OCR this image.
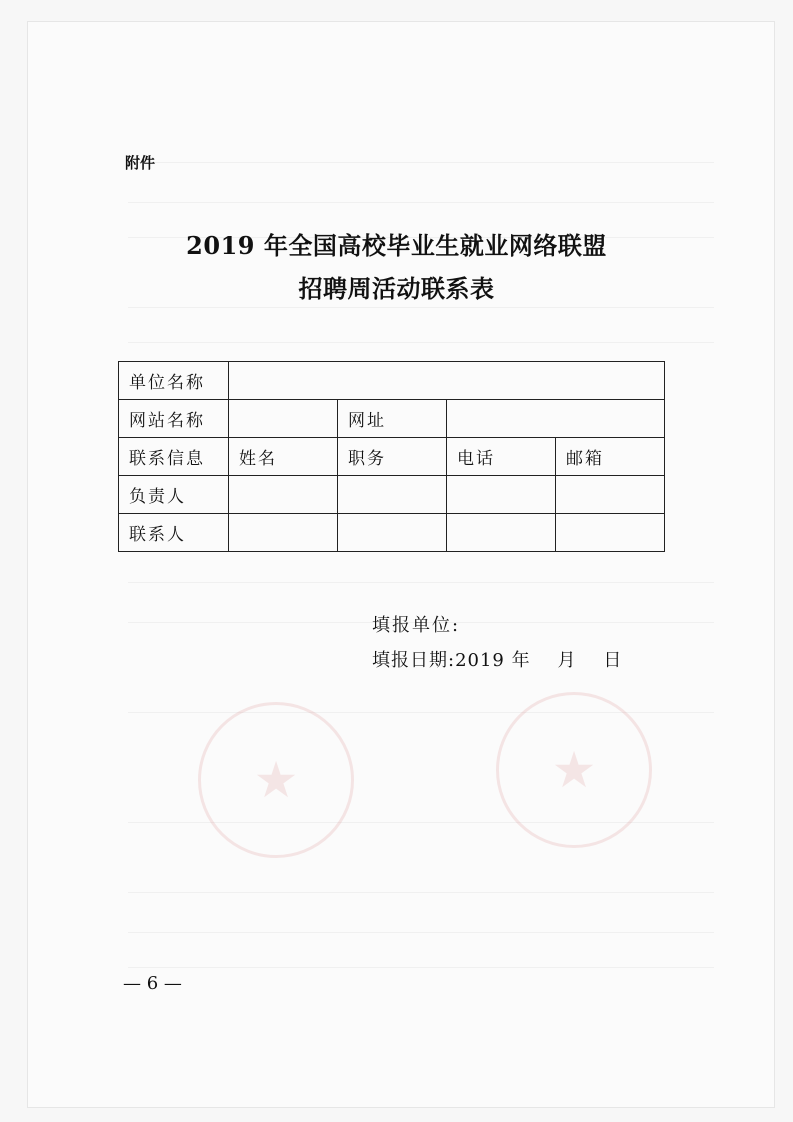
★	★
附件
2019 年全国高校毕业生就业网络联盟
招聘周活动联系表
单位名称				
网站名称		网址		
联系信息	姓名	职务	电话	邮箱
负责人				
联系人				
填报单位:
填报日期:2019 年    月    日
— 6 —
